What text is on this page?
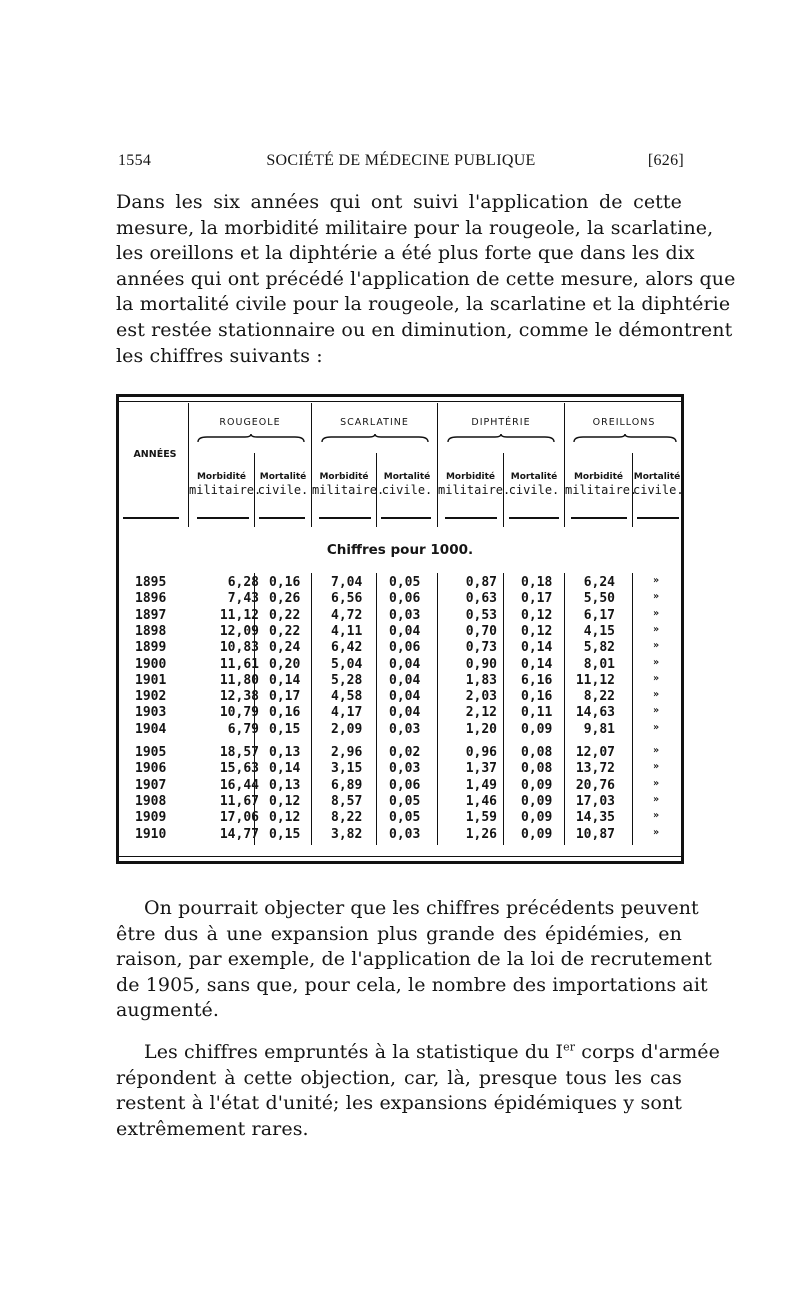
1554	SOCIÉTÉ DE MÉDECINE PUBLIQUE	[626]

Dans les six années qui ont suivi l'application de cette
mesure, la morbidité militaire pour la rougeole, la scarlatine,
les oreillons et la diphtérie a été plus forte que dans les dix
années qui ont précédé l'application de cette mesure, alors que
la mortalité civile pour la rougeole, la scarlatine et la diphtérie
est restée stationnaire ou en diminution, comme le démontrent
les chiffres suivants :

ROUGEOLE	SCARLATINE	DIPHTÉRIE	OREILLONS
ANNÉES
Morbidité
militaire.
Mortalité
civile.
Morbidité
militaire.
Mortalité
civile.
Morbidité
militaire.
Mortalité
civile.
Morbidité
militaire.
Mortalité
civile.
Chiffres pour 1000.
1895	6,28 0,16 7,04 0,05	0,87 0,18	6,24	»
1896	7,43 0,26 6,56 0,06	0,63 0,17	5,50	»
1897	11,12 0,22 4,72 0,03	0,53 0,12	6,17	»
1898	12,09 0,22 4,11 0,04	0,70 0,12	4,15	»
1899	10,83 0,24 6,42 0,06	0,73 0,14	5,82	»
1900	11,61 0,20 5,04 0,04	0,90 0,14	8,01	»
1901	11,80 0,14 5,28 0,04	1,83 6,16	11,12	»
1902	12,38 0,17 4,58 0,04	2,03 0,16	8,22	»
1903	10,79 0,16 4,17 0,04	2,12 0,11	14,63	»
1904	6,79 0,15 2,09 0,03	1,20 0,09	9,81	»
1905	18,57 0,13 2,96 0,02	0,96 0,08	12,07	»
1906	15,63 0,14 3,15 0,03	1,37 0,08	13,72	»
1907	16,44 0,13 6,89 0,06	1,49 0,09	20,76	»
1908	11,67 0,12 8,57 0,05	1,46 0,09	17,03	»
1909	17,06 0,12 8,22 0,05	1,59 0,09	14,35	»
1910	14,77 0,15 3,82 0,03	1,26 0,09	10,87	»

On pourrait objecter que les chiffres précédents peuvent
être dus à une expansion plus grande des épidémies, en
raison, par exemple, de l'application de la loi de recrutement
de 1905, sans que, pour cela, le nombre des importations ait
augmenté.

Les chiffres empruntés à la statistique du Ier corps d'armée
répondent à cette objection, car, là, presque tous les cas
restent à l'état d'unité; les expansions épidémiques y sont
extrêmement rares.
